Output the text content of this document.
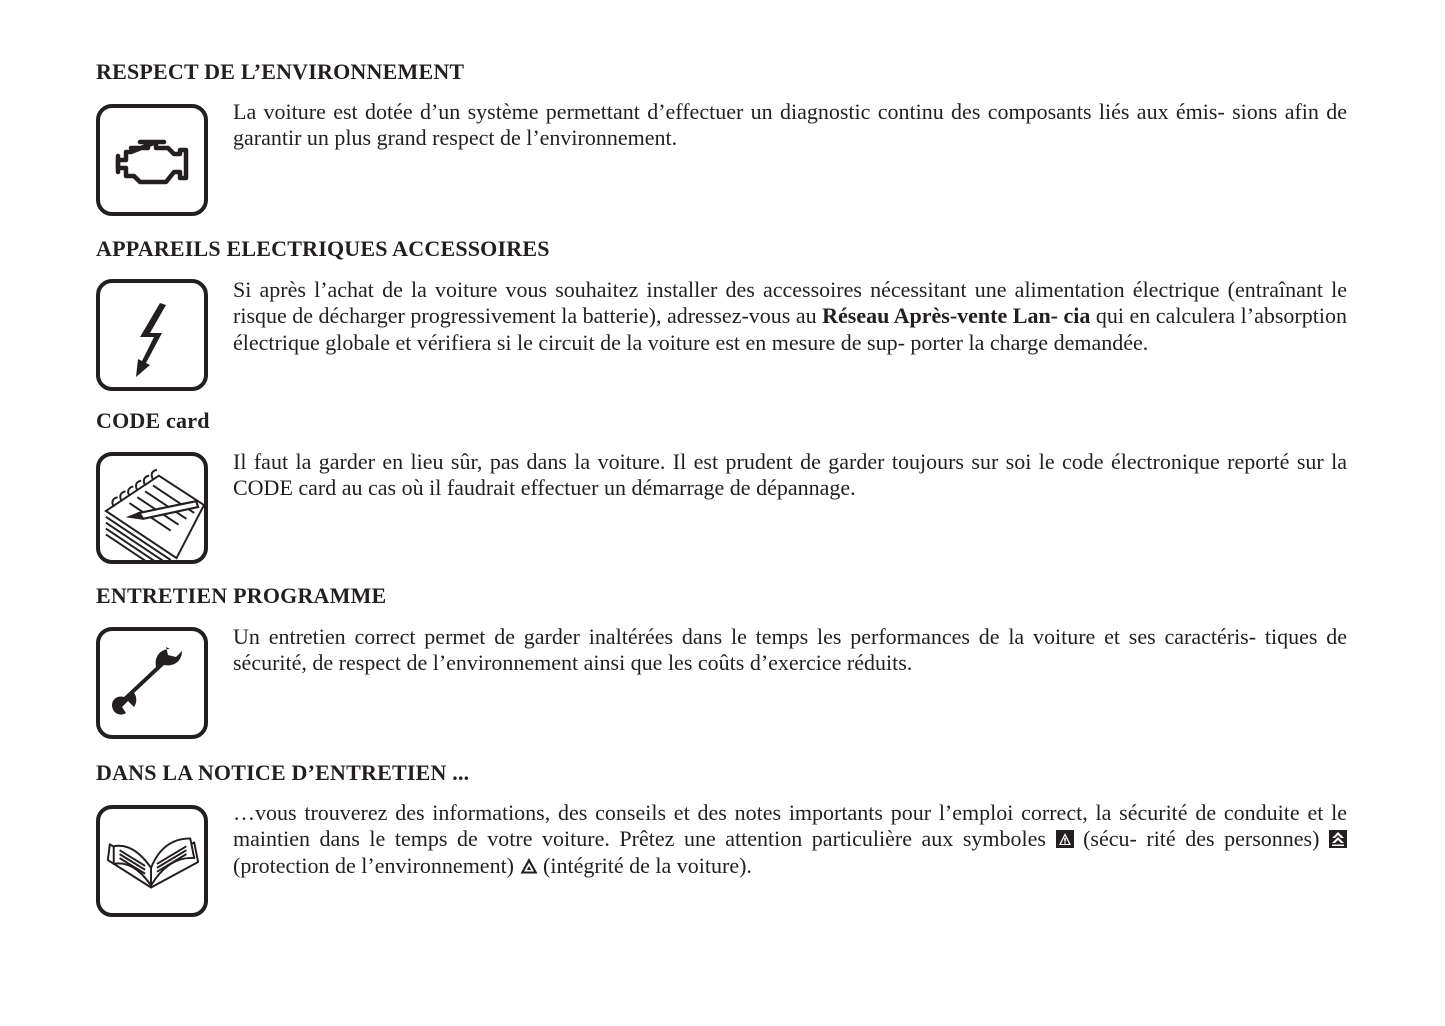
RESPECT DE L’ENVIRONNEMENT

La voiture est dotée d’un système permettant d’effectuer un diagnostic continu des composants liés aux émis- sions afin de garantir un plus grand respect de l’environnement.

APPAREILS ELECTRIQUES ACCESSOIRES

Si après l’achat de la voiture vous souhaitez installer des accessoires nécessitant une alimentation électrique (entraînant le risque de décharger progressivement la batterie), adressez-vous au Réseau Après-vente Lan- cia qui en calculera l’absorption électrique globale et vérifiera si le circuit de la voiture est en mesure de sup- porter la charge demandée.

CODE card

Il faut la garder en lieu sûr, pas dans la voiture. Il est prudent de garder toujours sur soi le code électronique reporté sur la CODE card au cas où il faudrait effectuer un démarrage de dépannage.

ENTRETIEN PROGRAMME

Un entretien correct permet de garder inaltérées dans le temps les performances de la voiture et ses caractéris- tiques de sécurité, de respect de l’environnement ainsi que les coûts d’exercice réduits.

DANS LA NOTICE D’ENTRETIEN ...

…vous trouverez des informations, des conseils et des notes importants pour l’emploi correct, la sécurité de conduite et le maintien dans le temps de votre voiture. Prêtez une attention particulière aux symboles  (sécu- rité des personnes)  (protection de l’environnement)  (intégrité de la voiture).
